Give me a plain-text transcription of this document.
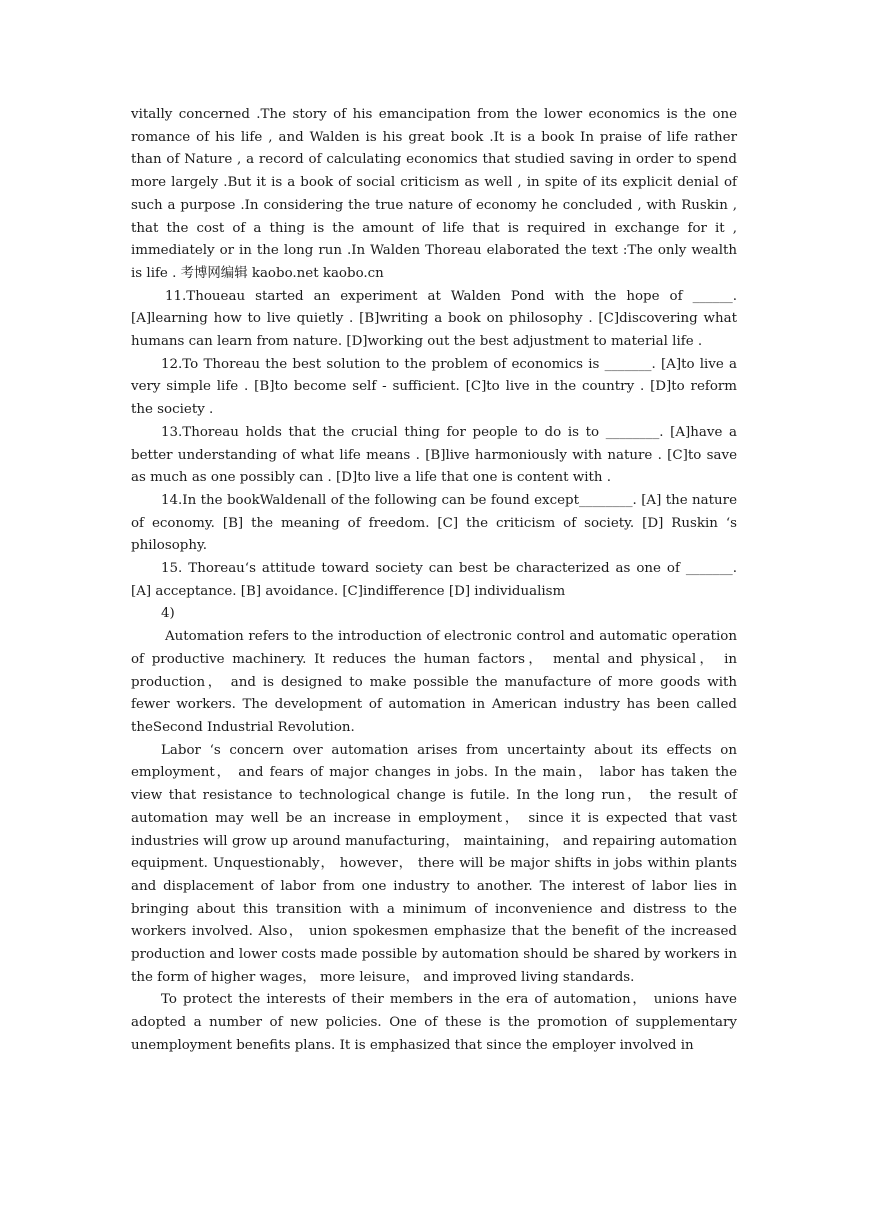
vitally concerned .The story of his emancipation from the lower economics is the one romance of his life , and Walden is his great book .It is a book In praise of life rather than of Nature , a record of calculating economics that studied saving in order to spend more largely .But it is a book of social criticism as well , in spite of its explicit denial of such a purpose .In considering the true nature of economy he concluded , with Ruskin , that the cost of a thing is the amount of life that is required in exchange for it , immediately or in the long run .In Walden Thoreau elaborated the text :The only wealth is life . 考博网编辑 kaobo.net kaobo.cn

11.Thoueau started an experiment at Walden Pond with the hope of ______. [A]learning how to live quietly . [B]writing a book on philosophy . [C]discovering what humans can learn from nature. [D]working out the best adjustment to material life .

12.To Thoreau the best solution to the problem of economics is _______. [A]to live a very simple life . [B]to become self - sufficient. [C]to live in the country . [D]to reform the society .

13.Thoreau holds that the crucial thing for people to do is to ________. [A]have a better understanding of what life means . [B]live harmoniously with nature . [C]to save as much as one possibly can . [D]to live a life that one is content with .

14.In the bookWaldenall of the following can be found except________. [A] the nature of economy. [B] the meaning of freedom. [C] the criticism of society. [D] Ruskin ‘s philosophy.

15. Thoreau‘s attitude toward society can best be characterized as one of _______. [A] acceptance. [B] avoidance. [C]indifference [D] individualism

4)

Automation refers to the introduction of electronic control and automatic operation of productive machinery. It reduces the human factors， mental and physical， in production， and is designed to make possible the manufacture of more goods with fewer workers. The development of automation in American industry has been called theSecond Industrial Revolution.

Labor ‘s concern over automation arises from uncertainty about its effects on employment， and fears of major changes in jobs. In the main， labor has taken the view that resistance to technological change is futile. In the long run， the result of automation may well be an increase in employment， since it is expected that vast industries will grow up around manufacturing， maintaining， and repairing automation equipment. Unquestionably， however， there will be major shifts in jobs within plants and displacement of labor from one industry to another. The interest of labor lies in bringing about this transition with a minimum of inconvenience and distress to the workers involved. Also， union spokesmen emphasize that the benefit of the increased production and lower costs made possible by automation should be shared by workers in the form of higher wages， more leisure， and improved living standards.

To protect the interests of their members in the era of automation， unions have adopted a number of new policies. One of these is the promotion of supplementary unemployment benefits plans. It is emphasized that since the employer involved in
